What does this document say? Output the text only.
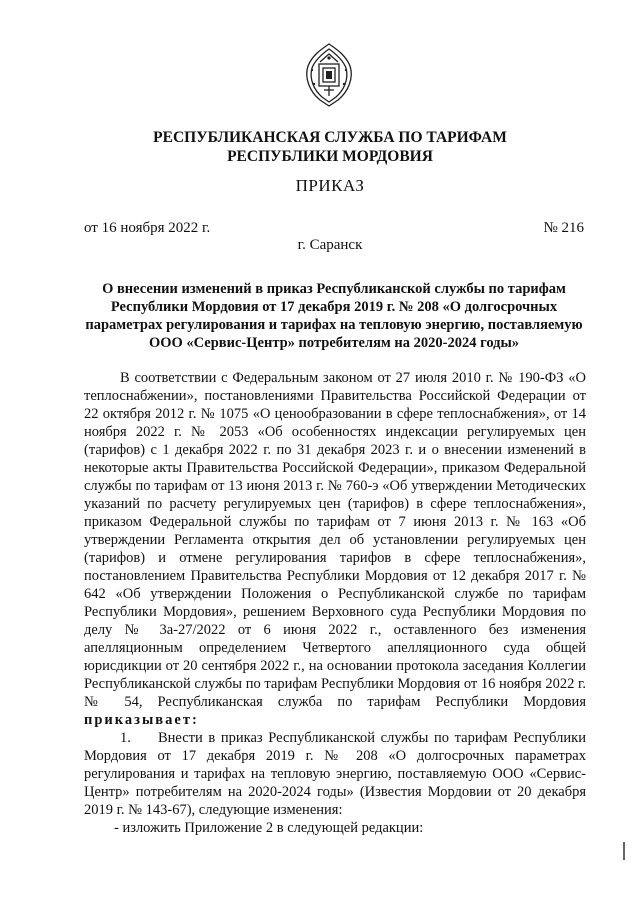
РЕСПУБЛИКАНСКАЯ СЛУЖБА ПО ТАРИФАМ
РЕСПУБЛИКИ МОРДОВИЯ
ПРИКАЗ
от 16 ноября 2022 г.	№ 216
г. Саранск
О внесении изменений в приказ Республиканской службы по тарифам Республики Мордовия от 17 декабря 2019 г. № 208 «О долгосрочных параметрах регулирования и тарифах на тепловую энергию, поставляемую ООО «Сервис-Центр» потребителям на 2020-2024 годы»

В соответствии с Федеральным законом от 27 июля 2010 г. № 190-ФЗ «О теплоснабжении», постановлениями Правительства Российской Федерации от 22 октября 2012 г. № 1075 «О ценообразовании в сфере теплоснабжения», от 14 ноября 2022 г. № 2053 «Об особенностях индексации регулируемых цен (тарифов) с 1 декабря 2022 г. по 31 декабря 2023 г. и о внесении изменений в некоторые акты Правительства Российской Федерации», приказом Федеральной службы по тарифам от 13 июня 2013 г. № 760-э «Об утверждении Методических указаний по расчету регулируемых цен (тарифов) в сфере теплоснабжения», приказом Федеральной службы по тарифам от 7 июня 2013 г. № 163 «Об утверждении Регламента открытия дел об установлении регулируемых цен (тарифов) и отмене регулирования тарифов в сфере теплоснабжения», постановлением Правительства Республики Мордовия от 12 декабря 2017 г. № 642 «Об утверждении Положения о Республиканской службе по тарифам Республики Мордовия», решением Верховного суда Республики Мордовия по делу № 3а-27/2022 от 6 июня 2022 г., оставленного без изменения апелляционным определением Четвертого апелляционного суда общей юрисдикции от 20 сентября 2022 г., на основании протокола заседания Коллегии Республиканской службы по тарифам Республики Мордовия от 16 ноября 2022 г. № 54, Республиканская служба по тарифам Республики Мордовия приказывает:

1. Внести в приказ Республиканской службы по тарифам Республики Мордовия от 17 декабря 2019 г. № 208 «О долгосрочных параметрах регулирования и тарифах на тепловую энергию, поставляемую ООО «Сервис-Центр» потребителям на 2020-2024 годы» (Известия Мордовии от 20 декабря 2019 г. № 143-67), следующие изменения:

- изложить Приложение 2 в следующей редакции:
